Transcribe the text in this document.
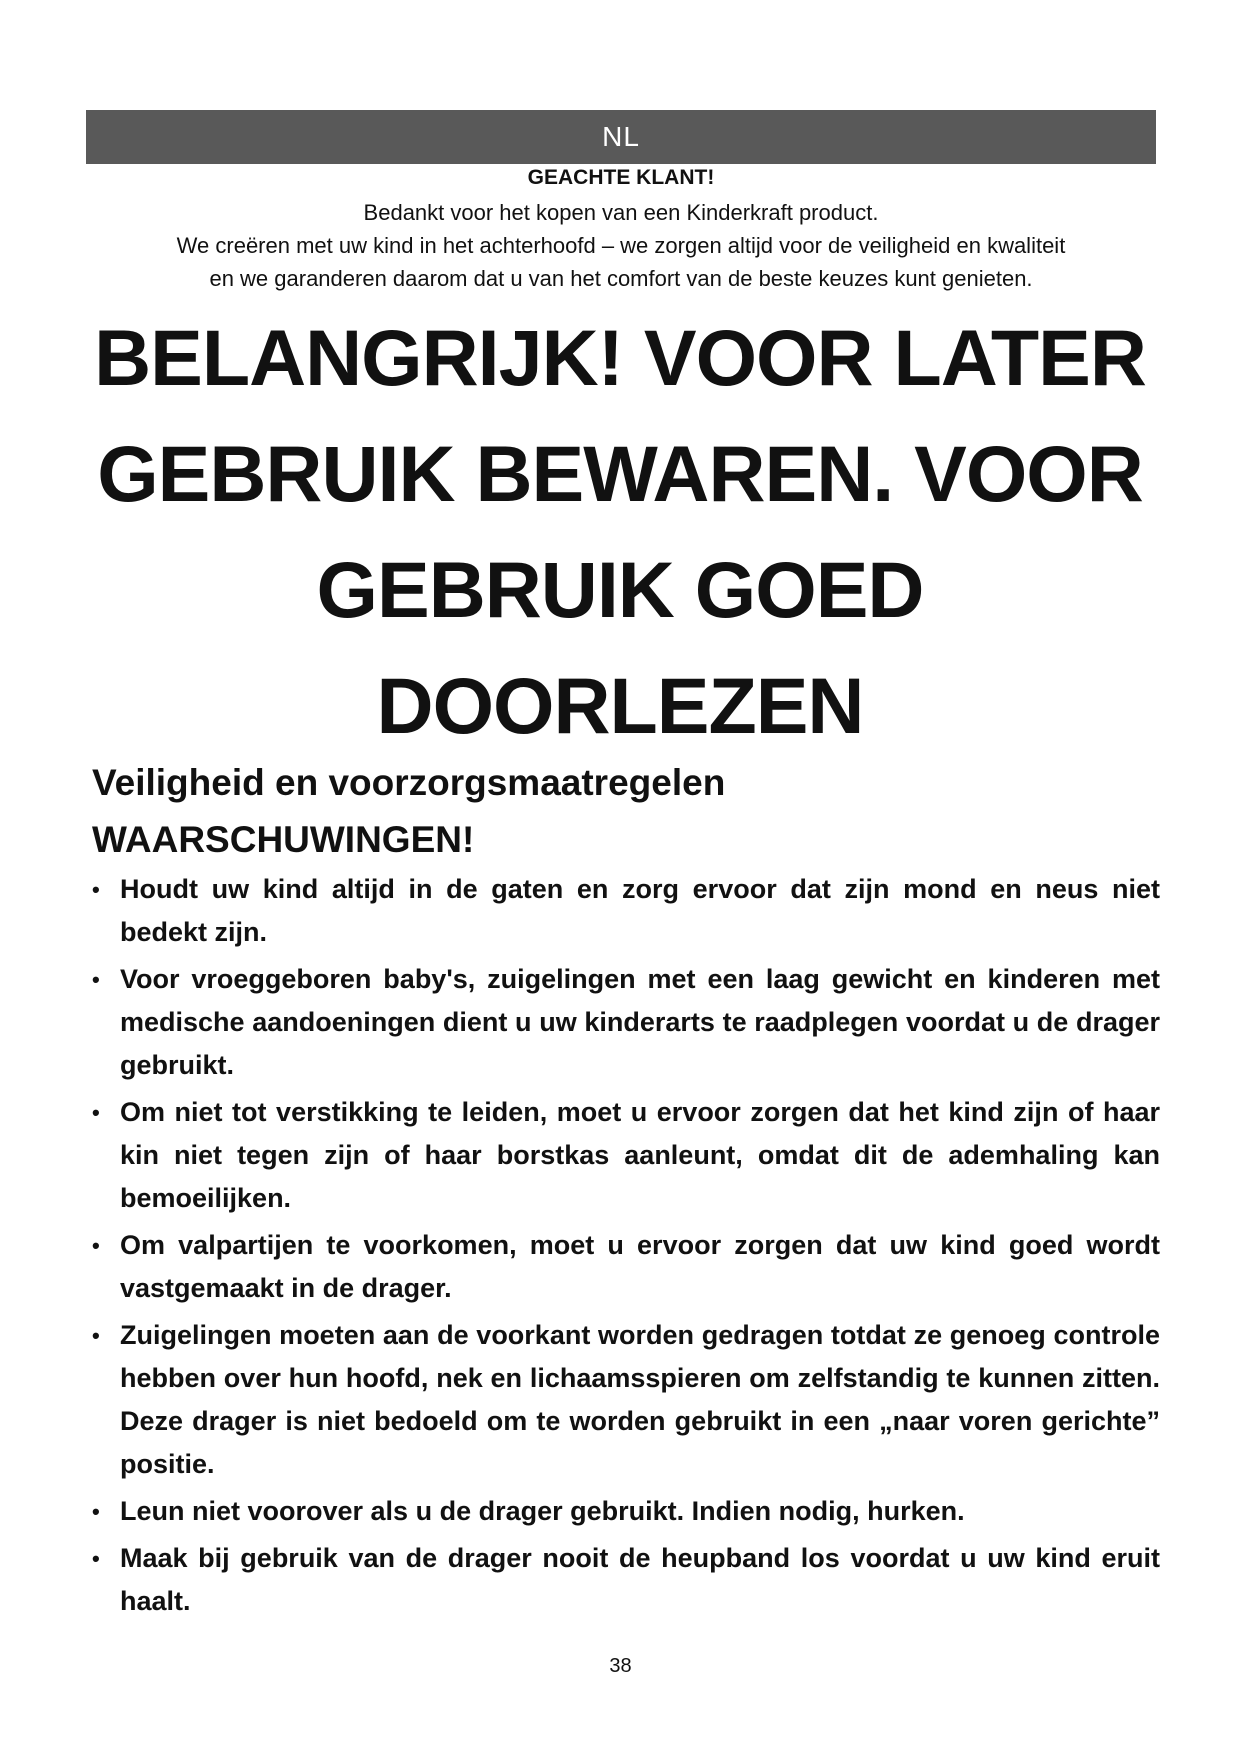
NL
GEACHTE KLANT!
Bedankt voor het kopen van een Kinderkraft product.
We creëren met uw kind in het achterhoofd – we zorgen altijd voor de veiligheid en kwaliteit
en we garanderen daarom dat u van het comfort van de beste keuzes kunt genieten.
BELANGRIJK! VOOR LATER
GEBRUIK BEWAREN. VOOR
GEBRUIK GOED
DOORLEZEN
Veiligheid en voorzorgsmaatregelen
WAARSCHUWINGEN!
• Houdt uw kind altijd in de gaten en zorg ervoor dat zijn mond en neus niet bedekt zijn.
• Voor vroeggeboren baby's, zuigelingen met een laag gewicht en kinderen met medische aandoeningen dient u uw kinderarts te raadplegen voordat u de drager gebruikt.
• Om niet tot verstikking te leiden, moet u ervoor zorgen dat het kind zijn of haar kin niet tegen zijn of haar borstkas aanleunt, omdat dit de ademhaling kan bemoeilijken.
• Om valpartijen te voorkomen, moet u ervoor zorgen dat uw kind goed wordt vastgemaakt in de drager.
• Zuigelingen moeten aan de voorkant worden gedragen totdat ze genoeg controle hebben over hun hoofd, nek en lichaamsspieren om zelfstandig te kunnen zitten. Deze drager is niet bedoeld om te worden gebruikt in een „naar voren gerichte” positie.
• Leun niet voorover als u de drager gebruikt. Indien nodig, hurken.
• Maak bij gebruik van de drager nooit de heupband los voordat u uw kind eruit haalt.
38
